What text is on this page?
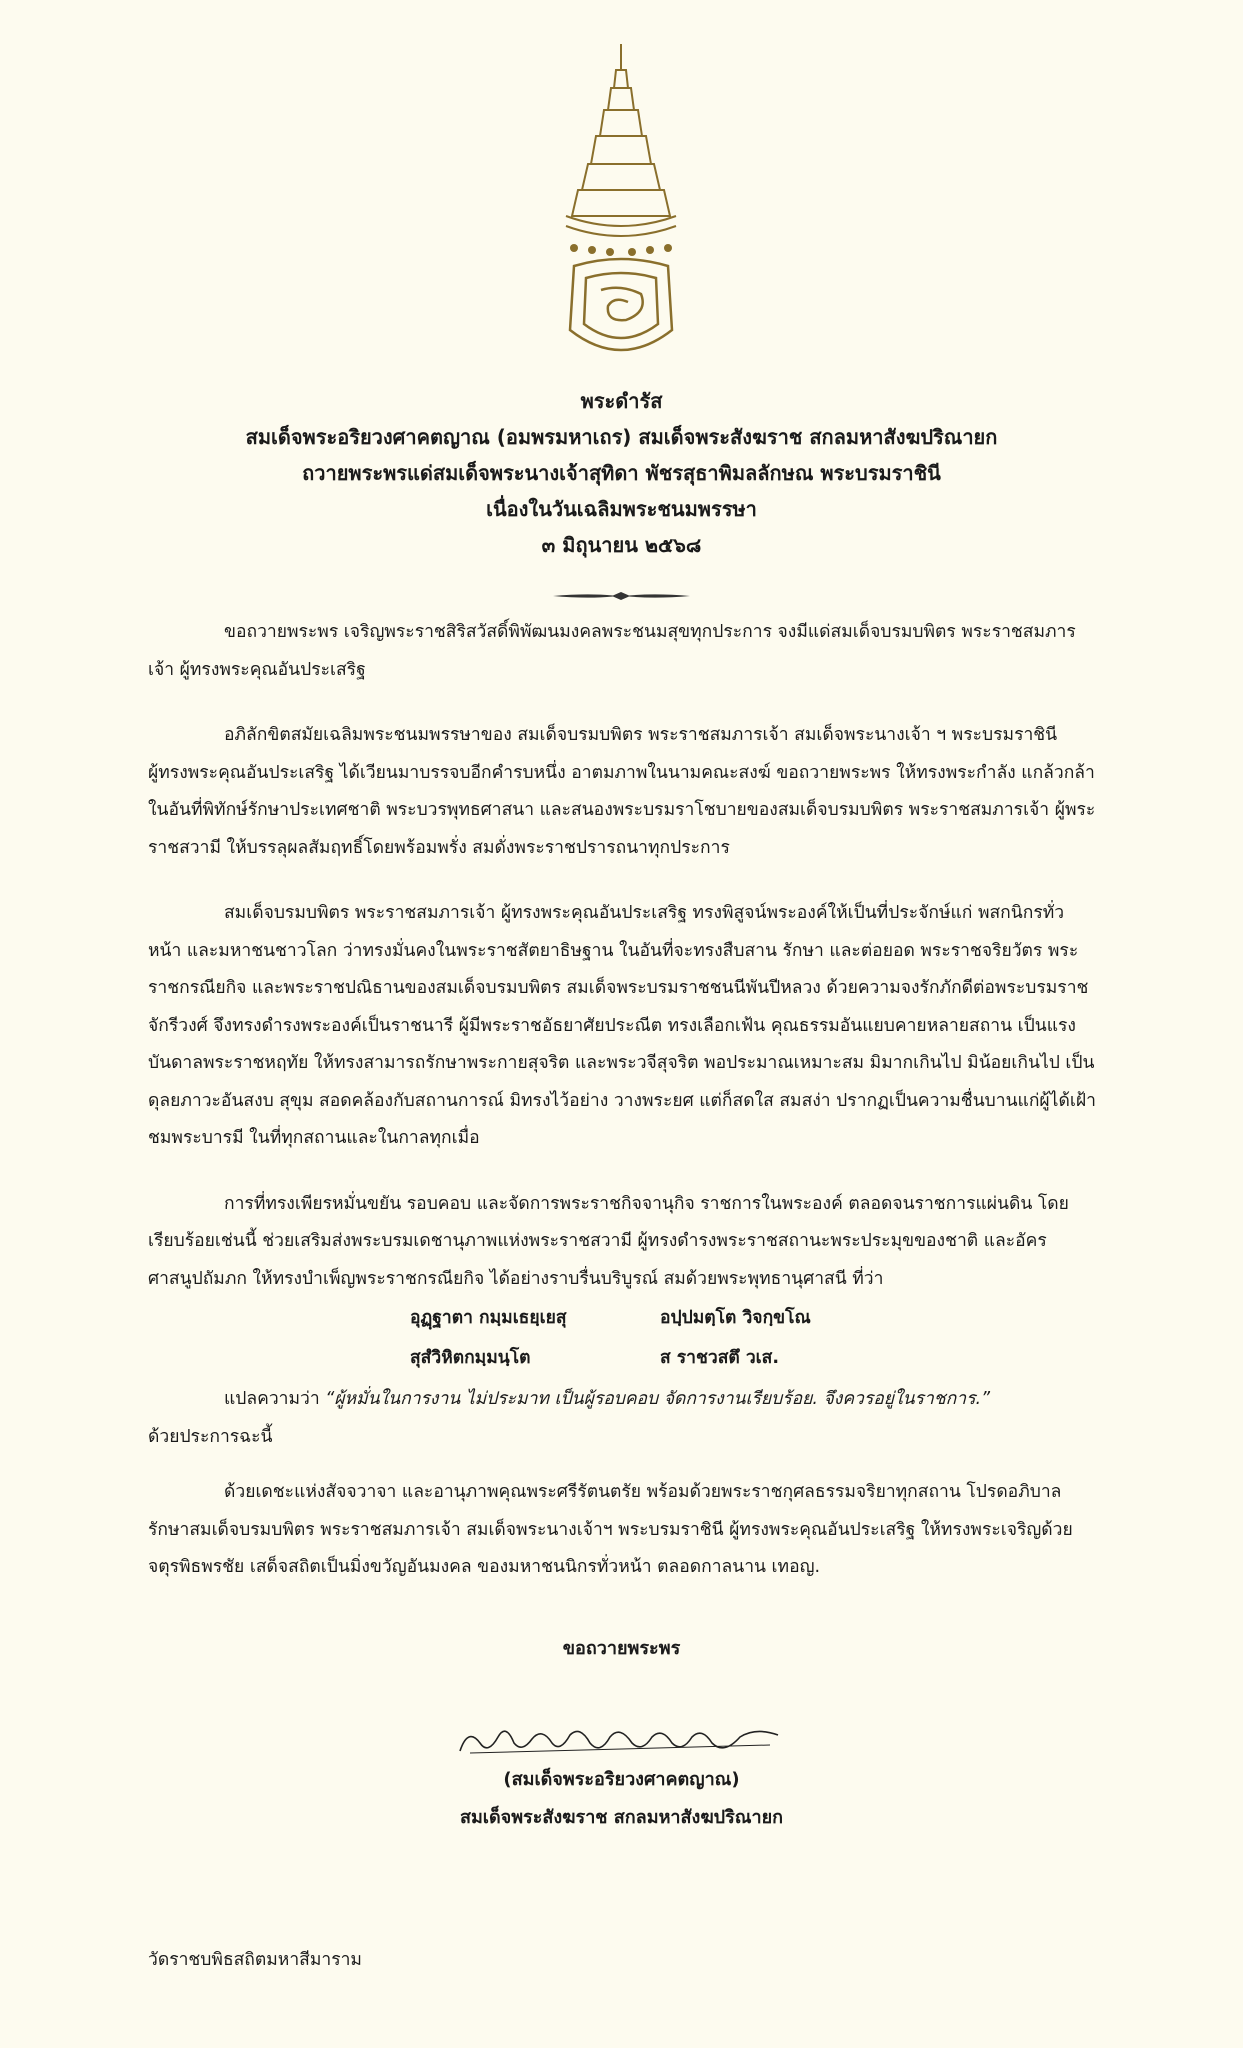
พระดำรัส
สมเด็จพระอริยวงศาคตญาณ (อมพรมหาเถร) สมเด็จพระสังฆราช สกลมหาสังฆปริณายก
ถวายพระพรแด่สมเด็จพระนางเจ้าสุทิดา พัชรสุธาพิมลลักษณ พระบรมราชินี
เนื่องในวันเฉลิมพระชนมพรรษา
๓ มิถุนายน ๒๕๖๘

ขอถวายพระพร เจริญพระราชสิริสวัสดิ์พิพัฒนมงคลพระชนมสุขทุกประการ จงมีแด่สมเด็จบรมบพิตร พระราชสมภารเจ้า ผู้ทรงพระคุณอันประเสริฐ

อภิลักขิตสมัยเฉลิมพระชนมพรรษาของ สมเด็จบรมบพิตร พระราชสมภารเจ้า สมเด็จพระนางเจ้า ฯ พระบรมราชินี ผู้ทรงพระคุณอันประเสริฐ ได้เวียนมาบรรจบอีกคำรบหนึ่ง อาตมภาพในนามคณะสงฆ์ ขอถวายพระพร ให้ทรงพระกำลัง แกล้วกล้า ในอันที่พิทักษ์รักษาประเทศชาติ พระบวรพุทธศาสนา และสนองพระบรมราโชบายของสมเด็จบรมบพิตร พระราชสมภารเจ้า ผู้พระราชสวามี ให้บรรลุผลสัมฤทธิ์โดยพร้อมพรั่ง สมดั่งพระราชปรารถนาทุกประการ

สมเด็จบรมบพิตร พระราชสมภารเจ้า ผู้ทรงพระคุณอันประเสริฐ ทรงพิสูจน์พระองค์ให้เป็นที่ประจักษ์แก่ พสกนิกรทั่วหน้า และมหาชนชาวโลก ว่าทรงมั่นคงในพระราชสัตยาธิษฐาน ในอันที่จะทรงสืบสาน รักษา และต่อยอด พระราชจริยวัตร พระราชกรณียกิจ และพระราชปณิธานของสมเด็จบรมบพิตร สมเด็จพระบรมราชชนนีพันปีหลวง ด้วยความจงรักภักดีต่อพระบรมราชจักรีวงศ์ จึงทรงดำรงพระองค์เป็นราชนารี ผู้มีพระราชอัธยาศัยประณีต ทรงเลือกเฟ้น คุณธรรมอันแยบคายหลายสถาน เป็นแรงบันดาลพระราชหฤทัย ให้ทรงสามารถรักษาพระกายสุจริต และพระวจีสุจริต พอประมาณเหมาะสม มิมากเกินไป มิน้อยเกินไป เป็นดุลยภาวะอันสงบ สุขุม สอดคล้องกับสถานการณ์ มิทรงไว้อย่าง วางพระยศ แต่ก็สดใส สมสง่า ปรากฏเป็นความชื่นบานแก่ผู้ได้เฝ้าชมพระบารมี ในที่ทุกสถานและในกาลทุกเมื่อ

การที่ทรงเพียรหมั่นขยัน รอบคอบ และจัดการพระราชกิจจานุกิจ ราชการในพระองค์ ตลอดจนราชการแผ่นดิน โดยเรียบร้อยเช่นนี้ ช่วยเสริมส่งพระบรมเดชานุภาพแห่งพระราชสวามี ผู้ทรงดำรงพระราชสถานะพระประมุขของชาติ และอัครศาสนูปถัมภก ให้ทรงบำเพ็ญพระราชกรณียกิจ ได้อย่างราบรื่นบริบูรณ์ สมด้วยพระพุทธานุศาสนี ที่ว่า

อุฏฺฐาตา กมฺมเธยฺเยสุ	อปฺปมตฺโต วิจกฺขโณ
สุสํวิหิตกมฺมนฺโต	ส ราชวสตึ วเส.
แปลความว่า “ผู้หมั่นในการงาน ไม่ประมาท เป็นผู้รอบคอบ จัดการงานเรียบร้อย. จึงควรอยู่ในราชการ.”
ด้วยประการฉะนี้
ด้วยเดชะแห่งสัจจวาจา และอานุภาพคุณพระศรีรัตนตรัย พร้อมด้วยพระราชกุศลธรรมจริยาทุกสถาน โปรดอภิบาลรักษาสมเด็จบรมบพิตร พระราชสมภารเจ้า สมเด็จพระนางเจ้าฯ พระบรมราชินี ผู้ทรงพระคุณอันประเสริฐ ให้ทรงพระเจริญด้วยจตุรพิธพรชัย เสด็จสถิตเป็นมิ่งขวัญอันมงคล ของมหาชนนิกรทั่วหน้า ตลอดกาลนาน เทอญ.
ขอถวายพระพร
(สมเด็จพระอริยวงศาคตญาณ)
สมเด็จพระสังฆราช สกลมหาสังฆปริณายก
วัดราชบพิธสถิตมหาสีมาราม
